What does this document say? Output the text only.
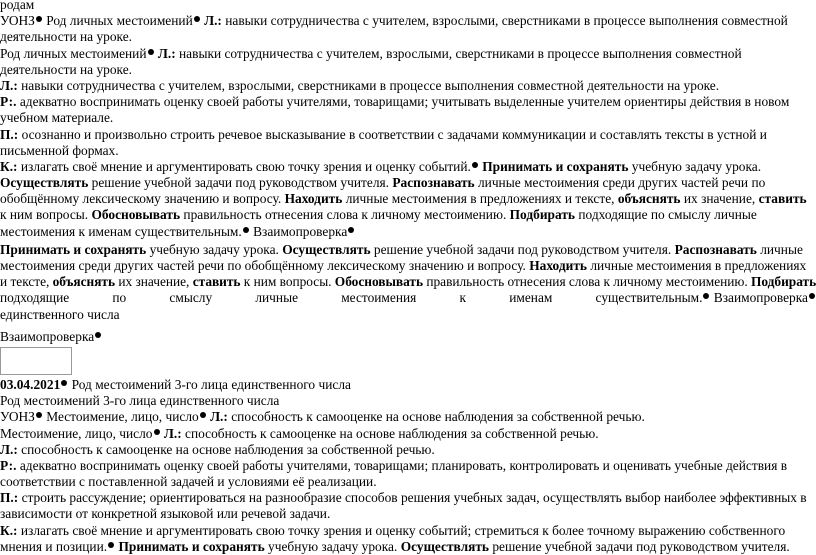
родам
УОНЗ Род личных местоимений Л.: навыки сотрудничества с учителем, взрослыми, сверстниками в процессе выполнения совместной
деятельности на уроке.
Род личных местоимений Л.: навыки сотрудничества с учителем, взрослыми, сверстниками в процессе выполнения совместной
деятельности на уроке.
Л.: навыки сотрудничества с учителем, взрослыми, сверстниками в процессе выполнения совместной деятельности на уроке.
Р:. адекватно воспринимать оценку своей работы учителями, товарищами; учитывать выделенные учителем ориентиры действия в новом
учебном материале.
П.: осознанно и произвольно строить речевое высказывание в соответствии с задачами коммуникации и составлять тексты в устной и
письменной формах.
К.: излагать своё мнение и аргументировать свою точку зрения и оценку событий. Принимать и сохранять учебную задачу урока.
Осуществлять решение учебной задачи под руководством учителя. Распознавать личные местоимения среди других частей речи по
обобщённому лексическому значению и вопросу. Находить личные местоимения в предложениях и тексте, объяснять их значение, ставить
к ним вопросы. Обосновывать правильность отнесения слова к личному местоимению. Подбирать подходящие по смыслу личные
местоимения к именам существительным. Взаимопроверка
Принимать и сохранять учебную задачу урока. Осуществлять решение учебной задачи под руководством учителя. Распознавать личные
местоимения среди других частей речи по обобщённому лексическому значению и вопросу. Находить личные местоимения в предложениях
и тексте, объяснять их значение, ставить к ним вопросы. Обосновывать правильность отнесения слова к личному местоимению. Подбирать
подходящие	по	смыслу	личные	местоимения	к	именам	существительным. Взаимопроверка
единственного числа
Взаимопроверка
03.04.2021 Род местоимений 3-го лица единственного числа
Род местоимений 3-го лица единственного числа
УОНЗ Местоимение, лицо, число Л.: способность к самооценке на основе наблюдения за собственной речью.
Местоимение, лицо, число Л.: способность к самооценке на основе наблюдения за собственной речью.
Л.: способность к самооценке на основе наблюдения за собственной речью.
Р:. адекватно воспринимать оценку своей работы учителями, товарищами; планировать, контролировать и оценивать учебные действия в
соответствии с поставленной задачей и условиями её реализации.
П.: строить рассуждение; ориентироваться на разнообразие способов решения учебных задач, осуществлять выбор наиболее эффективных в
зависимости от конкретной языковой или речевой задачи.
К.: излагать своё мнение и аргументировать свою точку зрения и оценку событий; стремиться к более точному выражению собственного
мнения и позиции. Принимать и сохранять учебную задачу урока. Осуществлять решение учебной задачи под руководством учителя.
